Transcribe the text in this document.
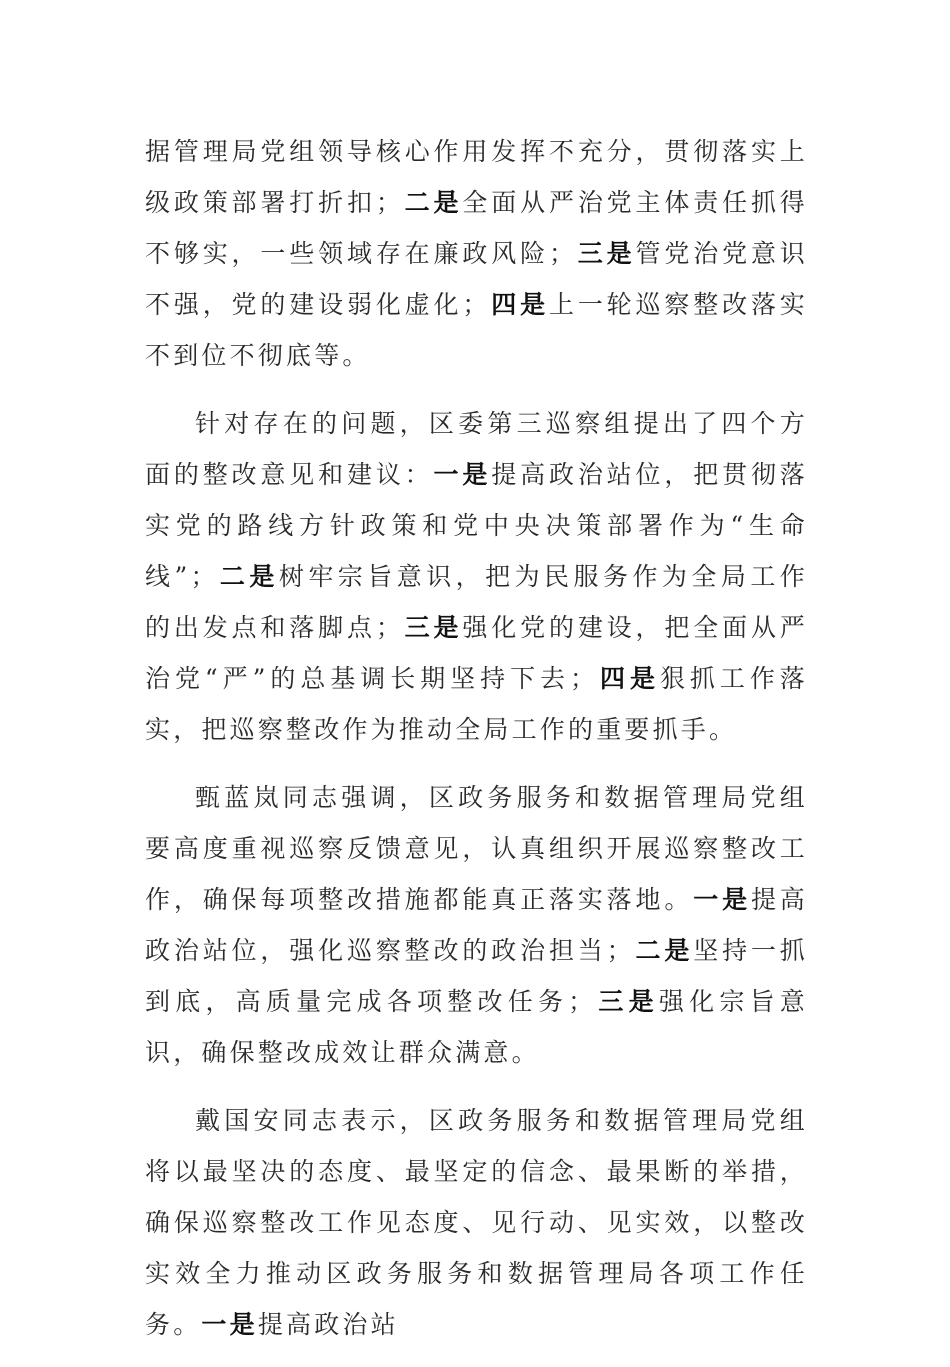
据管理局党组领导核心作用发挥不充分，贯彻落实上级政策部署打折扣；二是全面从严治党主体责任抓得不够实，一些领域存在廉政风险；三是管党治党意识不强，党的建设弱化虚化；四是上一轮巡察整改落实不到位不彻底等。

针对存在的问题，区委第三巡察组提出了四个方面的整改意见和建议：一是提高政治站位，把贯彻落实党的路线方针政策和党中央决策部署作为“生命线”；二是树牢宗旨意识，把为民服务作为全局工作的出发点和落脚点；三是强化党的建设，把全面从严治党“严”的总基调长期坚持下去；四是狠抓工作落实，把巡察整改作为推动全局工作的重要抓手。

甄蓝岚同志强调，区政务服务和数据管理局党组要高度重视巡察反馈意见，认真组织开展巡察整改工作，确保每项整改措施都能真正落实落地。一是提高政治站位，强化巡察整改的政治担当；二是坚持一抓到底，高质量完成各项整改任务；三是强化宗旨意识，确保整改成效让群众满意。

戴国安同志表示，区政务服务和数据管理局党组将以最坚决的态度、最坚定的信念、最果断的举措，确保巡察整改工作见态度、见行动、见实效，以整改实效全力推动区政务服务和数据管理局各项工作任务。一是提高政治站
